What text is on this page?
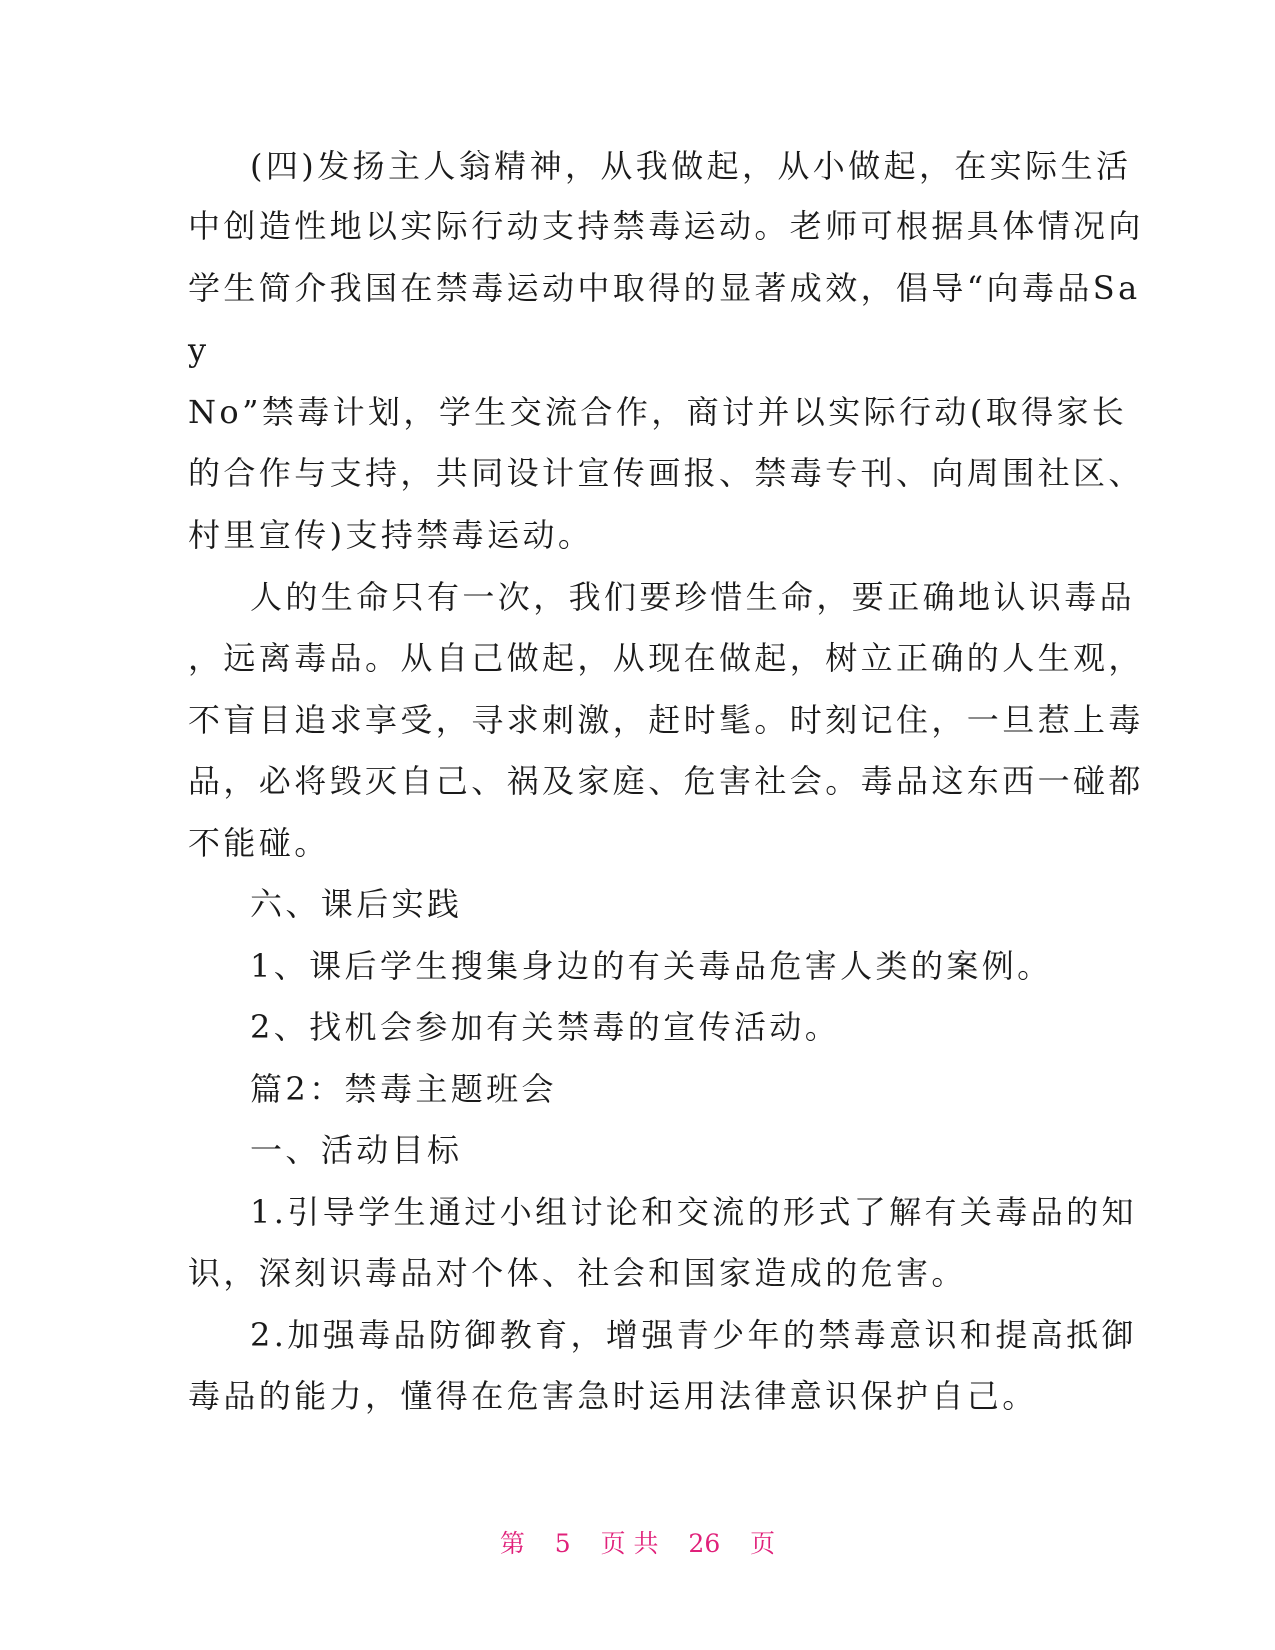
(四)发扬主人翁精神，从我做起，从小做起，在实际生活
中创造性地以实际行动支持禁毒运动。老师可根据具体情况向
学生简介我国在禁毒运动中取得的显著成效，倡导“向毒品Sa
y
No”禁毒计划，学生交流合作，商讨并以实际行动(取得家长
的合作与支持，共同设计宣传画报、禁毒专刊、向周围社区、
村里宣传)支持禁毒运动。
人的生命只有一次，我们要珍惜生命，要正确地认识毒品
，远离毒品。从自己做起，从现在做起，树立正确的人生观，
不盲目追求享受，寻求刺激，赶时髦。时刻记住，一旦惹上毒
品，必将毁灭自己、祸及家庭、危害社会。毒品这东西一碰都
不能碰。
六、课后实践
1、课后学生搜集身边的有关毒品危害人类的案例。
2、找机会参加有关禁毒的宣传活动。
篇2：禁毒主题班会
一、活动目标
1.引导学生通过小组讨论和交流的形式了解有关毒品的知
识，深刻识毒品对个体、社会和国家造成的危害。
2.加强毒品防御教育，增强青少年的禁毒意识和提高抵御
毒品的能力，懂得在危害急时运用法律意识保护自己。
第 5 页 共 26 页
